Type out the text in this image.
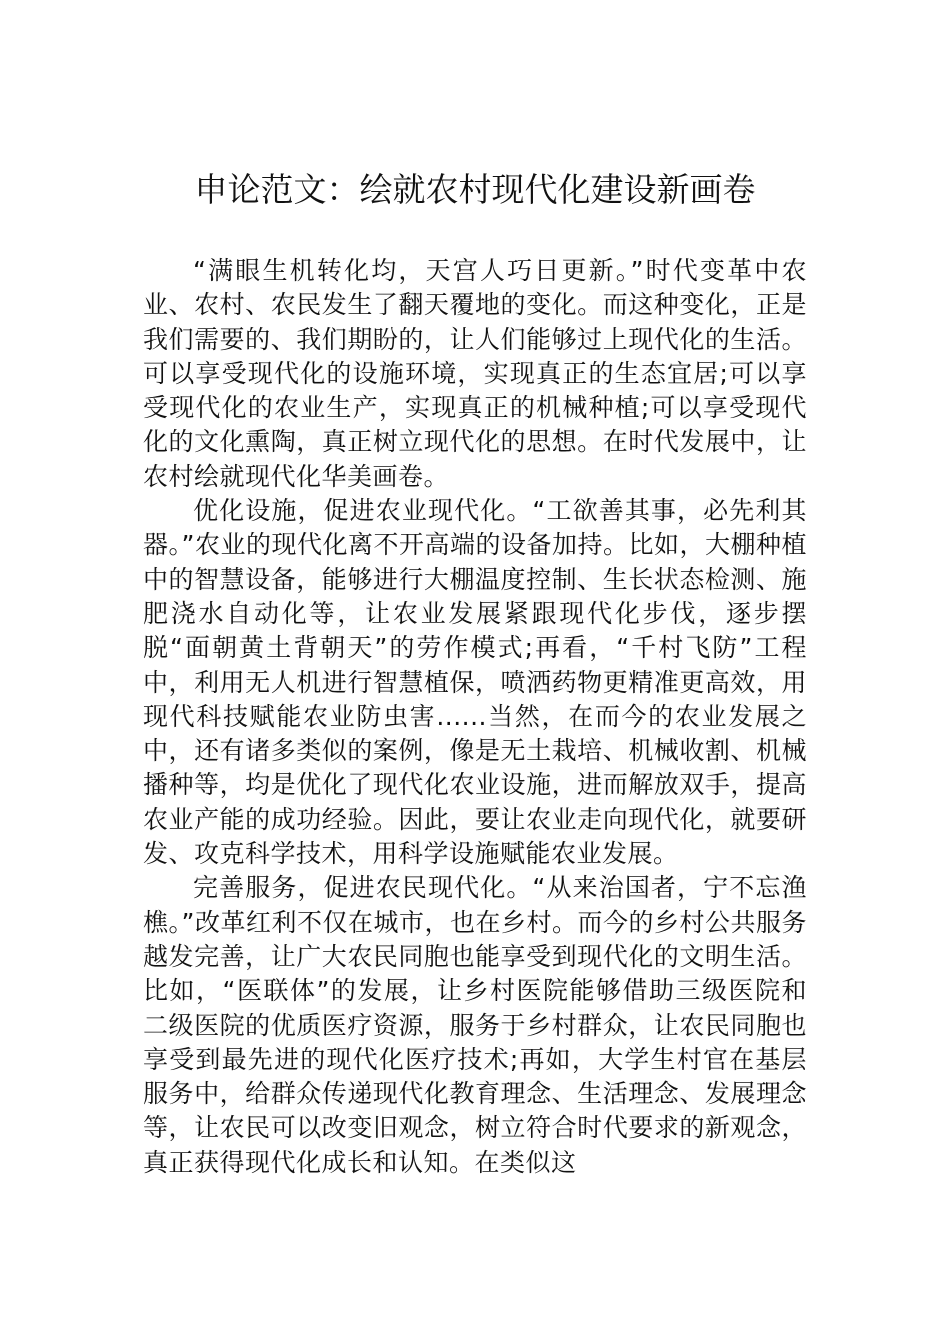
申论范文：绘就农村现代化建设新画卷

“满眼生机转化均，天宫人巧日更新。”时代变革中农业、农村、农民发生了翻天覆地的变化。而这种变化，正是我们需要的、我们期盼的，让人们能够过上现代化的生活。可以享受现代化的设施环境，实现真正的生态宜居;可以享受现代化的农业生产，实现真正的机械种植;可以享受现代化的文化熏陶，真正树立现代化的思想。在时代发展中，让农村绘就现代化华美画卷。

优化设施，促进农业现代化。“工欲善其事，必先利其器。”农业的现代化离不开高端的设备加持。比如，大棚种植中的智慧设备，能够进行大棚温度控制、生长状态检测、施肥浇水自动化等，让农业发展紧跟现代化步伐，逐步摆脱“面朝黄土背朝天”的劳作模式;再看，“千村飞防”工程中，利用无人机进行智慧植保，喷洒药物更精准更高效，用现代科技赋能农业防虫害......当然，在而今的农业发展之中，还有诸多类似的案例，像是无土栽培、机械收割、机械播种等，均是优化了现代化农业设施，进而解放双手，提高农业产能的成功经验。因此，要让农业走向现代化，就要研发、攻克科学技术，用科学设施赋能农业发展。

完善服务，促进农民现代化。“从来治国者，宁不忘渔樵。”改革红利不仅在城市，也在乡村。而今的乡村公共服务越发完善，让广大农民同胞也能享受到现代化的文明生活。比如，“医联体”的发展，让乡村医院能够借助三级医院和二级医院的优质医疗资源，服务于乡村群众，让农民同胞也享受到最先进的现代化医疗技术;再如，大学生村官在基层服务中，给群众传递现代化教育理念、生活理念、发展理念等，让农民可以改变旧观念，树立符合时代要求的新观念，真正获得现代化成长和认知。在类似这
